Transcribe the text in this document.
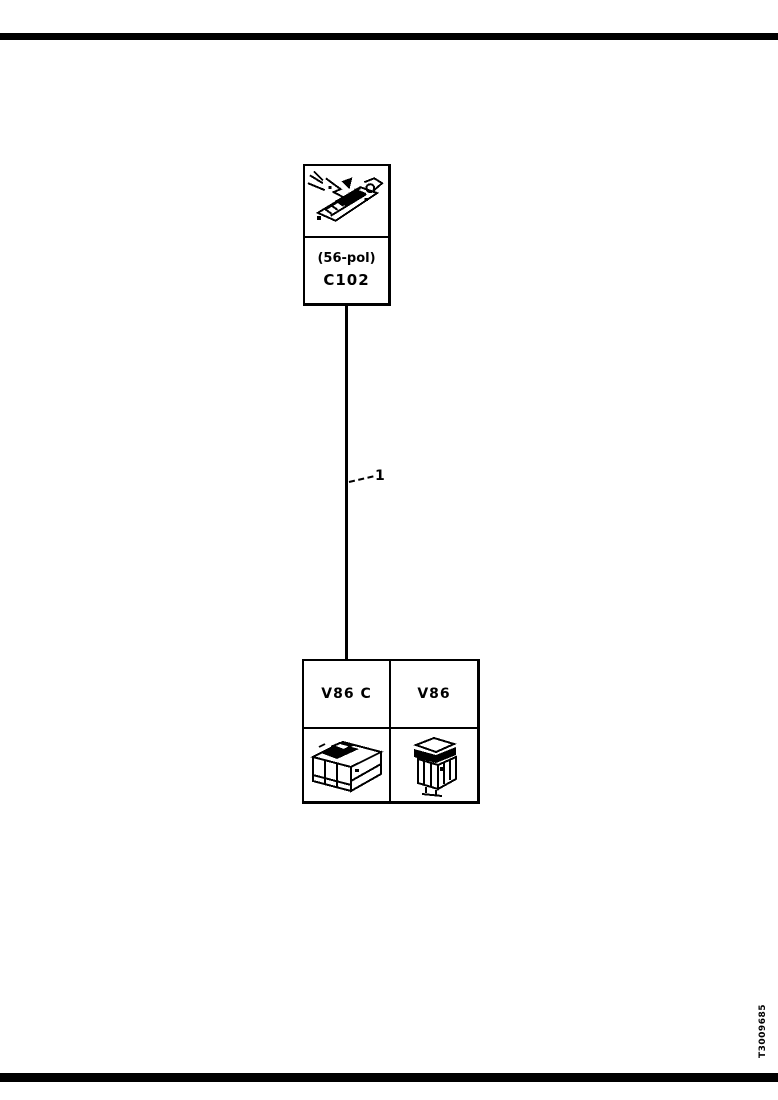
(56-pol)
C102
1
V86 C	V86
T3009685
